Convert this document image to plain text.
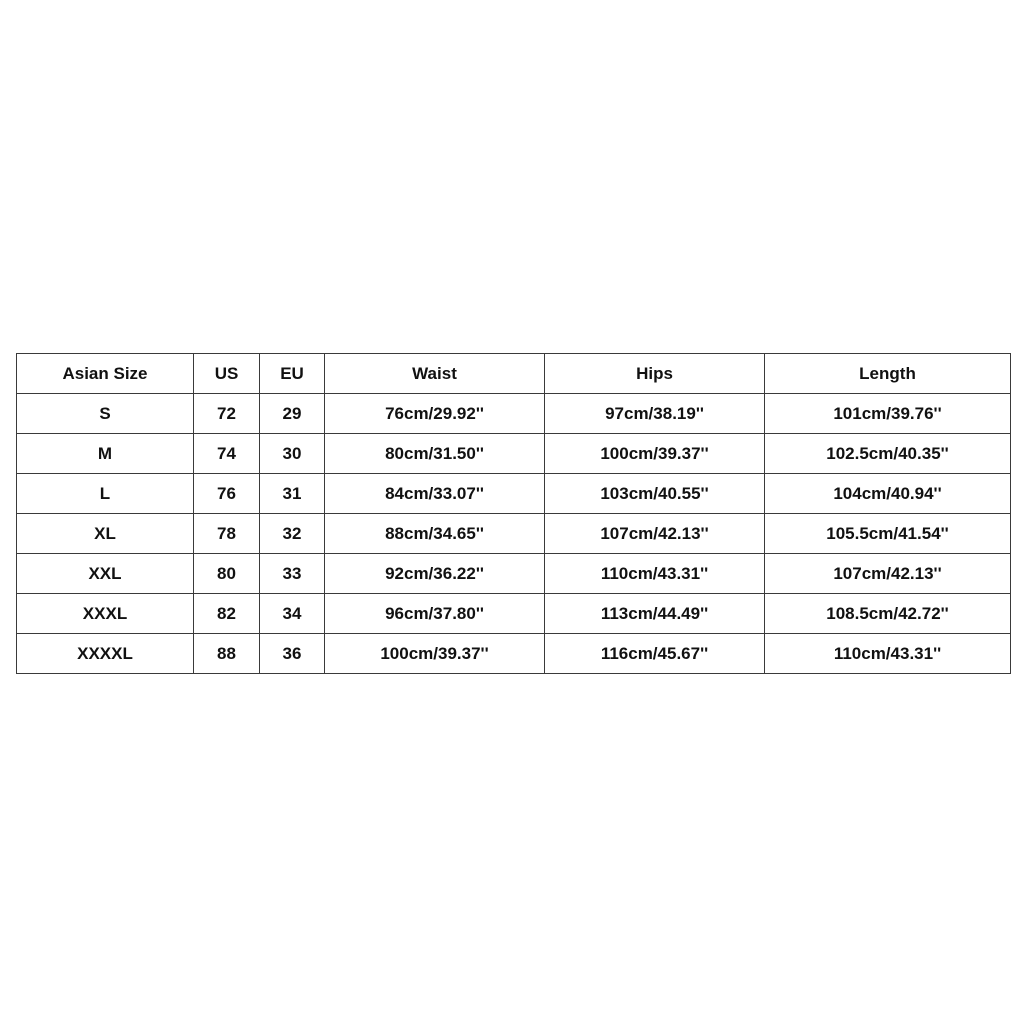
Asian Size	US	EU	Waist	Hips	Length
S	72	29	76cm/29.92''	97cm/38.19''	101cm/39.76''
M	74	30	80cm/31.50''	100cm/39.37''	102.5cm/40.35''
L	76	31	84cm/33.07''	103cm/40.55''	104cm/40.94''
XL	78	32	88cm/34.65''	107cm/42.13''	105.5cm/41.54''
XXL	80	33	92cm/36.22''	110cm/43.31''	107cm/42.13''
XXXL	82	34	96cm/37.80''	113cm/44.49''	108.5cm/42.72''
XXXXL	88	36	100cm/39.37''	116cm/45.67''	110cm/43.31''
